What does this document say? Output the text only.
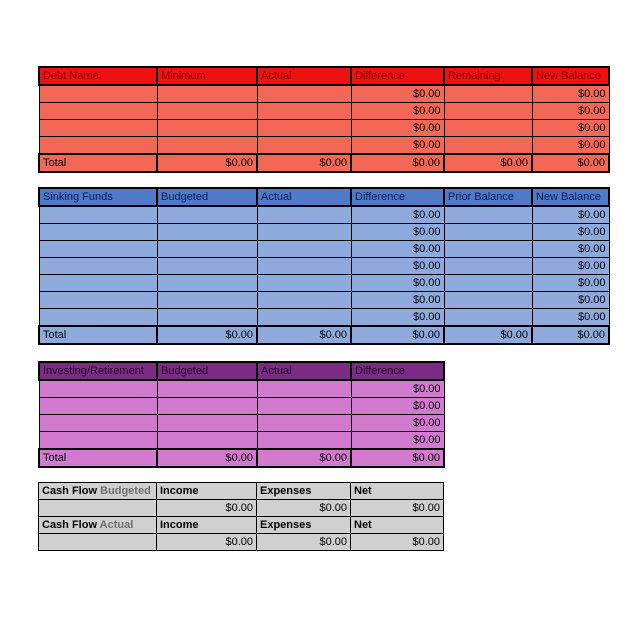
Debt Name	Minimum	Actual	Difference	Remaining	New Balance
			$0.00		$0.00
			$0.00		$0.00
			$0.00		$0.00
			$0.00		$0.00
Total	$0.00	$0.00	$0.00	$0.00	$0.00
Sinking Funds	Budgeted	Actual	Difference	Prior Balance	New Balance
			$0.00		$0.00
			$0.00		$0.00
			$0.00		$0.00
			$0.00		$0.00
			$0.00		$0.00
			$0.00		$0.00
			$0.00		$0.00
Total	$0.00	$0.00	$0.00	$0.00	$0.00
Investing/Retirement	Budgeted	Actual	Difference
			$0.00
			$0.00
			$0.00
			$0.00
Total	$0.00	$0.00	$0.00
Cash Flow Budgeted	Income	Expenses	Net
	$0.00	$0.00	$0.00
Cash Flow Actual	Income	Expenses	Net
	$0.00	$0.00	$0.00
